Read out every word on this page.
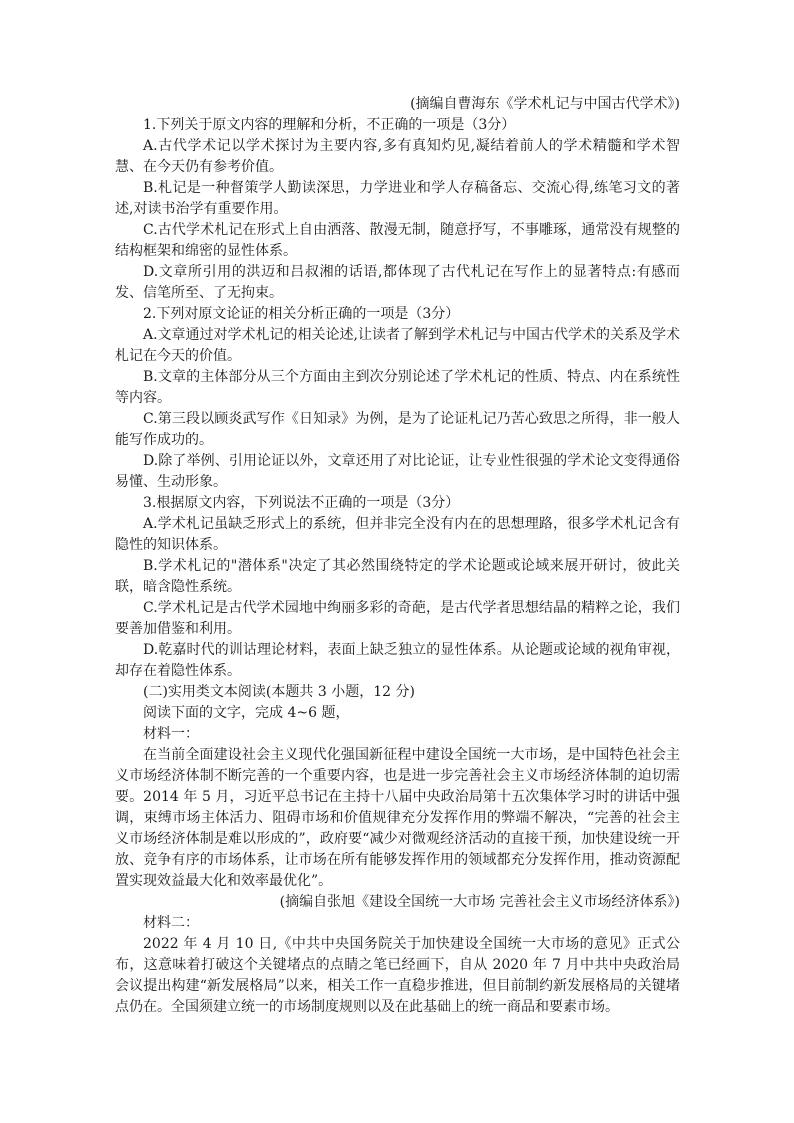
(摘编自曹海东《学术札记与中国古代学术》)

1.下列关于原文内容的理解和分析，不正确的一项是（3分）

A.古代学术记以学术探讨为主要内容,多有真知灼见,凝结着前人的学术精髓和学术智慧、在今天仍有参考价值。

B.札记是一种督策学人勤读深思，力学进业和学人存稿备忘、交流心得,练笔习文的著述,对读书治学有重要作用。

C.古代学术札记在形式上自由洒落、散漫无制，随意抒写，不事雕琢，通常没有规整的结构框架和绵密的显性体系。

D.文章所引用的洪迈和吕叔湘的话语,都体现了古代札记在写作上的显著特点:有感而发、信笔所至、了无拘束。

2.下列对原文论证的相关分析正确的一项是（3分）

A.文章通过对学术札记的相关论述,让读者了解到学术札记与中国古代学术的关系及学术札记在今天的价值。

B.文章的主体部分从三个方面由主到次分别论述了学术札记的性质、特点、内在系统性等内容。

C.第三段以顾炎武写作《日知录》为例，是为了论证札记乃苦心致思之所得，非一般人能写作成功的。

D.除了举例、引用论证以外，文章还用了对比论证，让专业性很强的学术论文变得通俗易懂、生动形象。

3.根据原文内容，下列说法不正确的一项是（3分）

A.学术札记虽缺乏形式上的系统，但并非完全没有内在的思想理路，很多学术札记含有隐性的知识体系。

B.学术札记的"潜体系"决定了其必然围绕特定的学术论题或论域来展开研讨，彼此关联，暗含隐性系统。

C.学术札记是古代学术园地中绚丽多彩的奇葩，是古代学者思想结晶的精粹之论，我们要善加借鉴和利用。

D.乾嘉时代的训诂理论材料，表面上缺乏独立的显性体系。从论题或论域的视角审视，却存在着隐性体系。

(二)实用类文本阅读(本题共 3 小题，12 分)

阅读下面的文字，完成 4~6 题，

材料一：

在当前全面建设社会主义现代化强国新征程中建设全国统一大市场，是中国特色社会主义市场经济体制不断完善的一个重要内容，也是进一步完善社会主义市场经济体制的迫切需要。2014 年 5 月，习近平总书记在主持十八届中央政治局第十五次集体学习时的讲话中强调，束缚市场主体活力、阻碍市场和价值规律充分发挥作用的弊端不解决，“完善的社会主义市场经济体制是难以形成的”，政府要“减少对微观经济活动的直接干预，加快建设统一开放、竞争有序的市场体系，让市场在所有能够发挥作用的领域都充分发挥作用，推动资源配置实现效益最大化和效率最优化”。

(摘编自张旭《建设全国统一大市场 完善社会主义市场经济体系》)

材料二：

2022 年 4 月 10 日,《中共中央国务院关于加快建设全国统一大市场的意见》正式公布，这意味着打破这个关键堵点的点睛之笔已经画下，自从 2020 年 7 月中共中央政治局会议提出构建“新发展格局”以来，相关工作一直稳步推进，但目前制约新发展格局的关键堵点仍在。全国须建立统一的市场制度规则以及在此基础上的统一商品和要素市场。
